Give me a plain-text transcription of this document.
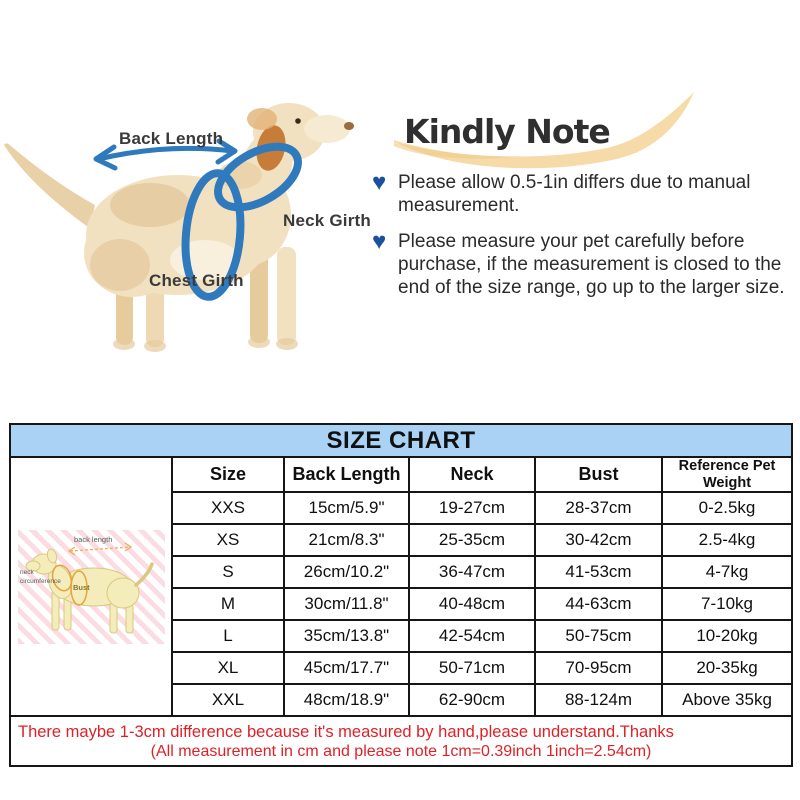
Back Length
Neck Girth
Chest Girth
Kindly Note
♥ Please allow 0.5-1in differs due to manual measurement.
♥ Please measure your pet carefully before purchase, if the measurement is closed to the end of the size range, go up to the larger size.
SIZE CHART					

back length
neck
circumference
Bust	Size	Back Length	Neck	Bust	Reference Pet Weight
	XXS	15cm/5.9"	19-27cm	28-37cm	0-2.5kg
	XS	21cm/8.3"	25-35cm	30-42cm	2.5-4kg
	S	26cm/10.2"	36-47cm	41-53cm	4-7kg
	M	30cm/11.8"	40-48cm	44-63cm	7-10kg
	L	35cm/13.8"	42-54cm	50-75cm	10-20kg
	XL	45cm/17.7"	50-71cm	70-95cm	20-35kg
	XXL	48cm/18.9"	62-90cm	88-124m	Above 35kg

There maybe 1-3cm difference because it's measured by hand,please understand.Thanks
(All measurement in cm and please note 1cm=0.39inch 1inch=2.54cm)					
